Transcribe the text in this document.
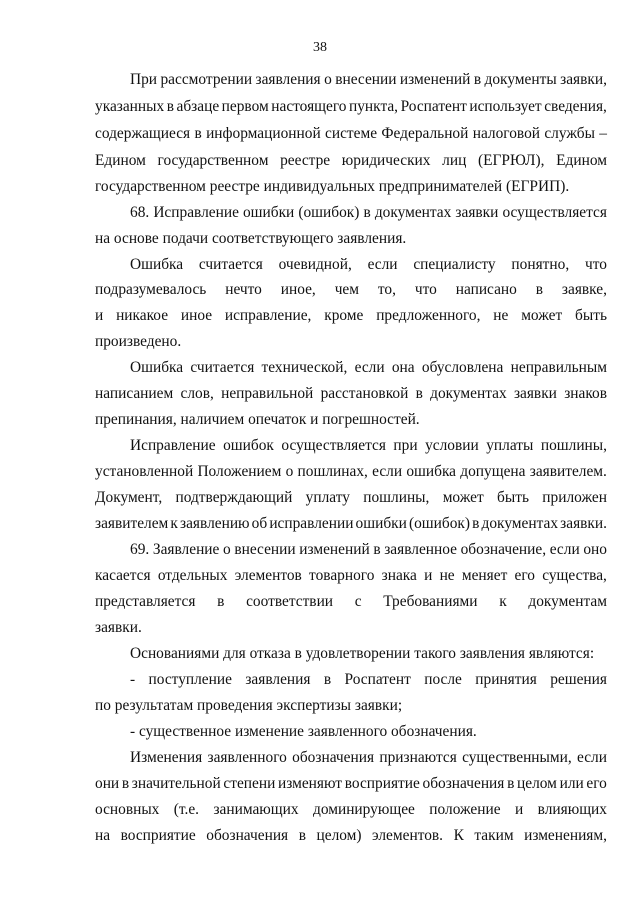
38
При рассмотрении заявления о внесении изменений в документы заявки,
указанных в абзаце первом настоящего пункта, Роспатент использует сведения,
содержащиеся в информационной системе Федеральной налоговой службы –
Едином государственном реестре юридических лиц (ЕГРЮЛ), Едином
государственном реестре индивидуальных предпринимателей (ЕГРИП).
68. Исправление ошибки (ошибок) в документах заявки осуществляется
на основе подачи соответствующего заявления.
Ошибка считается очевидной, если специалисту понятно, что
подразумевалось нечто иное, чем то, что написано в заявке,
и никакое иное исправление, кроме предложенного, не может быть
произведено.
Ошибка считается технической, если она обусловлена неправильным
написанием слов, неправильной расстановкой в документах заявки знаков
препинания, наличием опечаток и погрешностей.
Исправление ошибок осуществляется при условии уплаты пошлины,
установленной Положением о пошлинах, если ошибка допущена заявителем.
Документ, подтверждающий уплату пошлины, может быть приложен
заявителем к заявлению об исправлении ошибки (ошибок) в документах заявки.
69. Заявление о внесении изменений в заявленное обозначение, если оно
касается отдельных элементов товарного знака и не меняет его существа,
представляется в соответствии с Требованиями к документам
заявки.
Основаниями для отказа в удовлетворении такого заявления являются:
- поступление заявления в Роспатент после принятия решения
по результатам проведения экспертизы заявки;
- существенное изменение заявленного обозначения.
Изменения заявленного обозначения признаются существенными, если
они в значительной степени изменяют восприятие обозначения в целом или его
основных (т.е. занимающих доминирующее положение и влияющих
на восприятие обозначения в целом) элементов. К таким изменениям,
